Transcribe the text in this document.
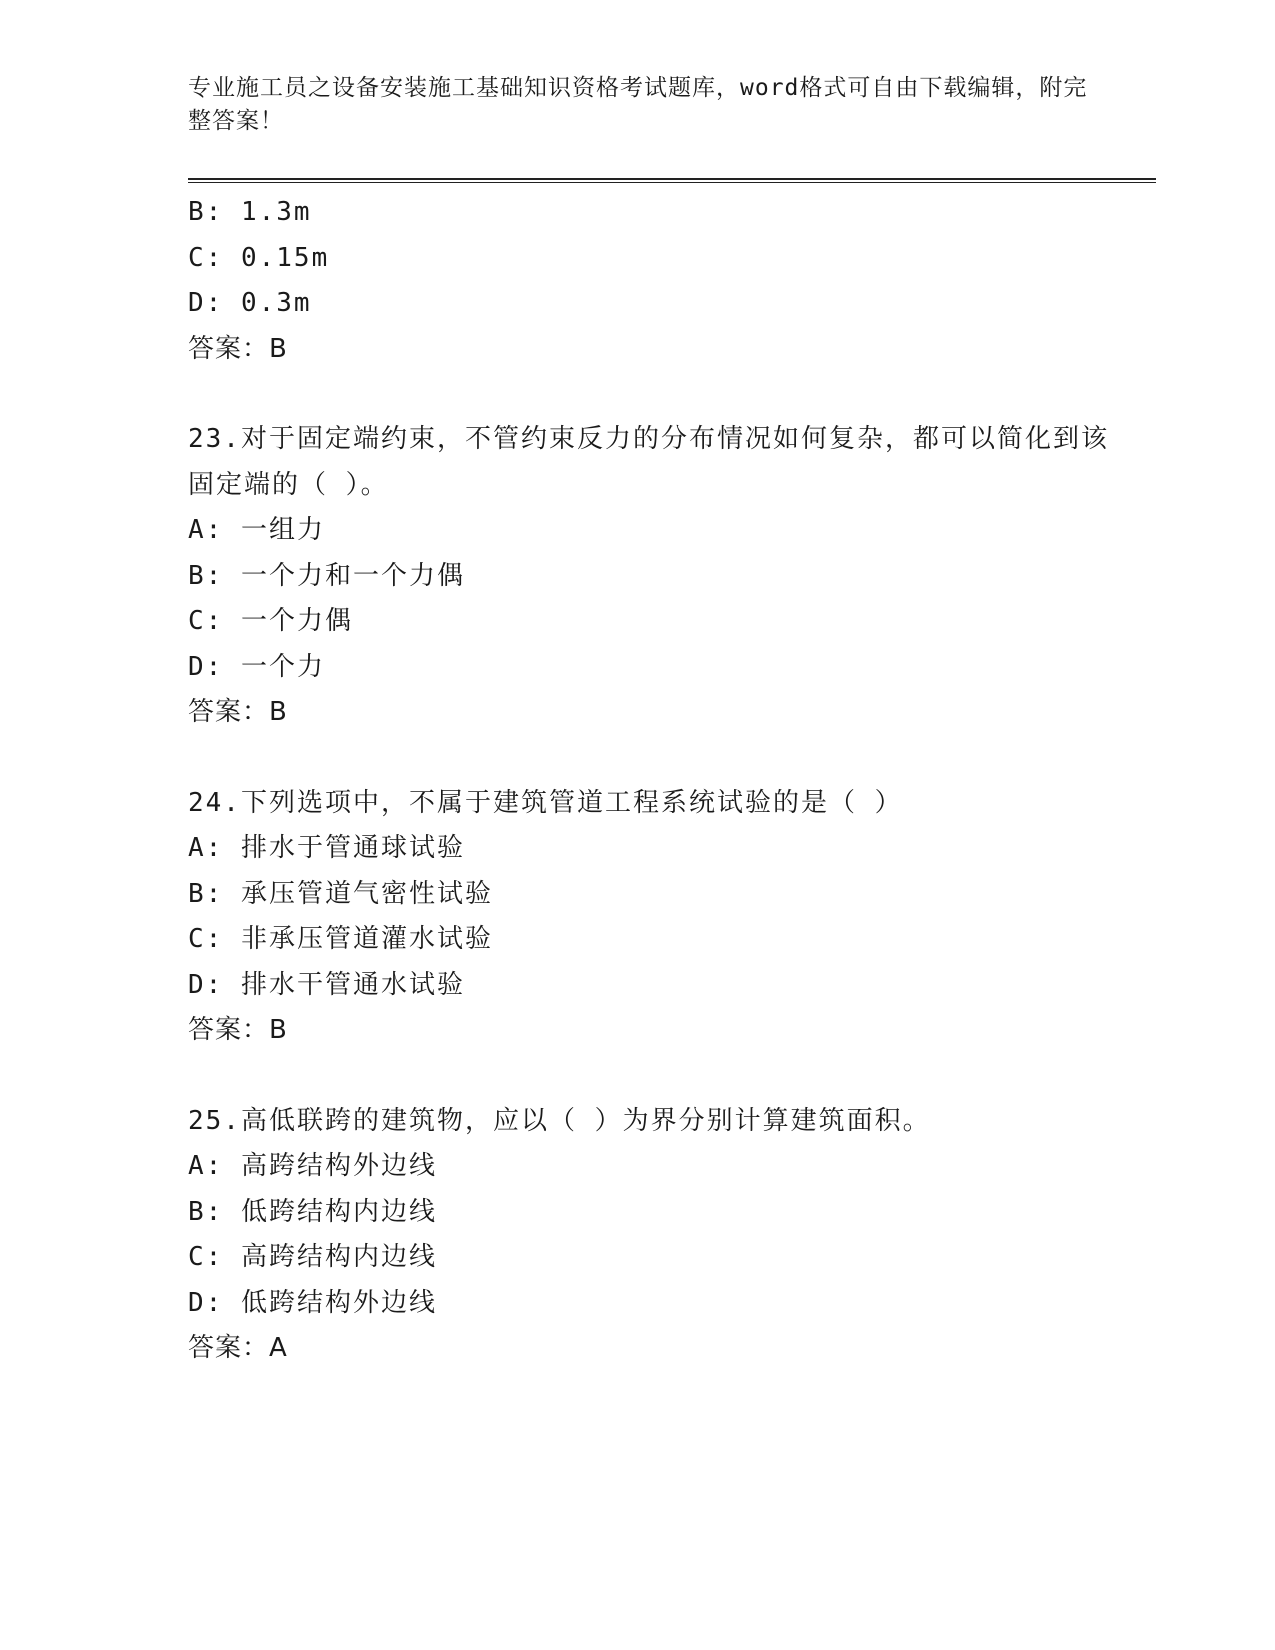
专业施工员之设备安装施工基础知识资格考试题库，word格式可自由下载编辑，附完整答案！
B: 1.3m
C: 0.15m
D: 0.3m
答案：B
23.对于固定端约束，不管约束反力的分布情况如何复杂，都可以简化到该固定端的（ ）。
A: 一组力
B: 一个力和一个力偶
C: 一个力偶
D: 一个力
答案：B
24.下列选项中，不属于建筑管道工程系统试验的是（ ）
A: 排水于管通球试验
B: 承压管道气密性试验
C: 非承压管道灌水试验
D: 排水干管通水试验
答案：B
25.高低联跨的建筑物，应以（ ）为界分别计算建筑面积。
A: 高跨结构外边线
B: 低跨结构内边线
C: 高跨结构内边线
D: 低跨结构外边线
答案：A
